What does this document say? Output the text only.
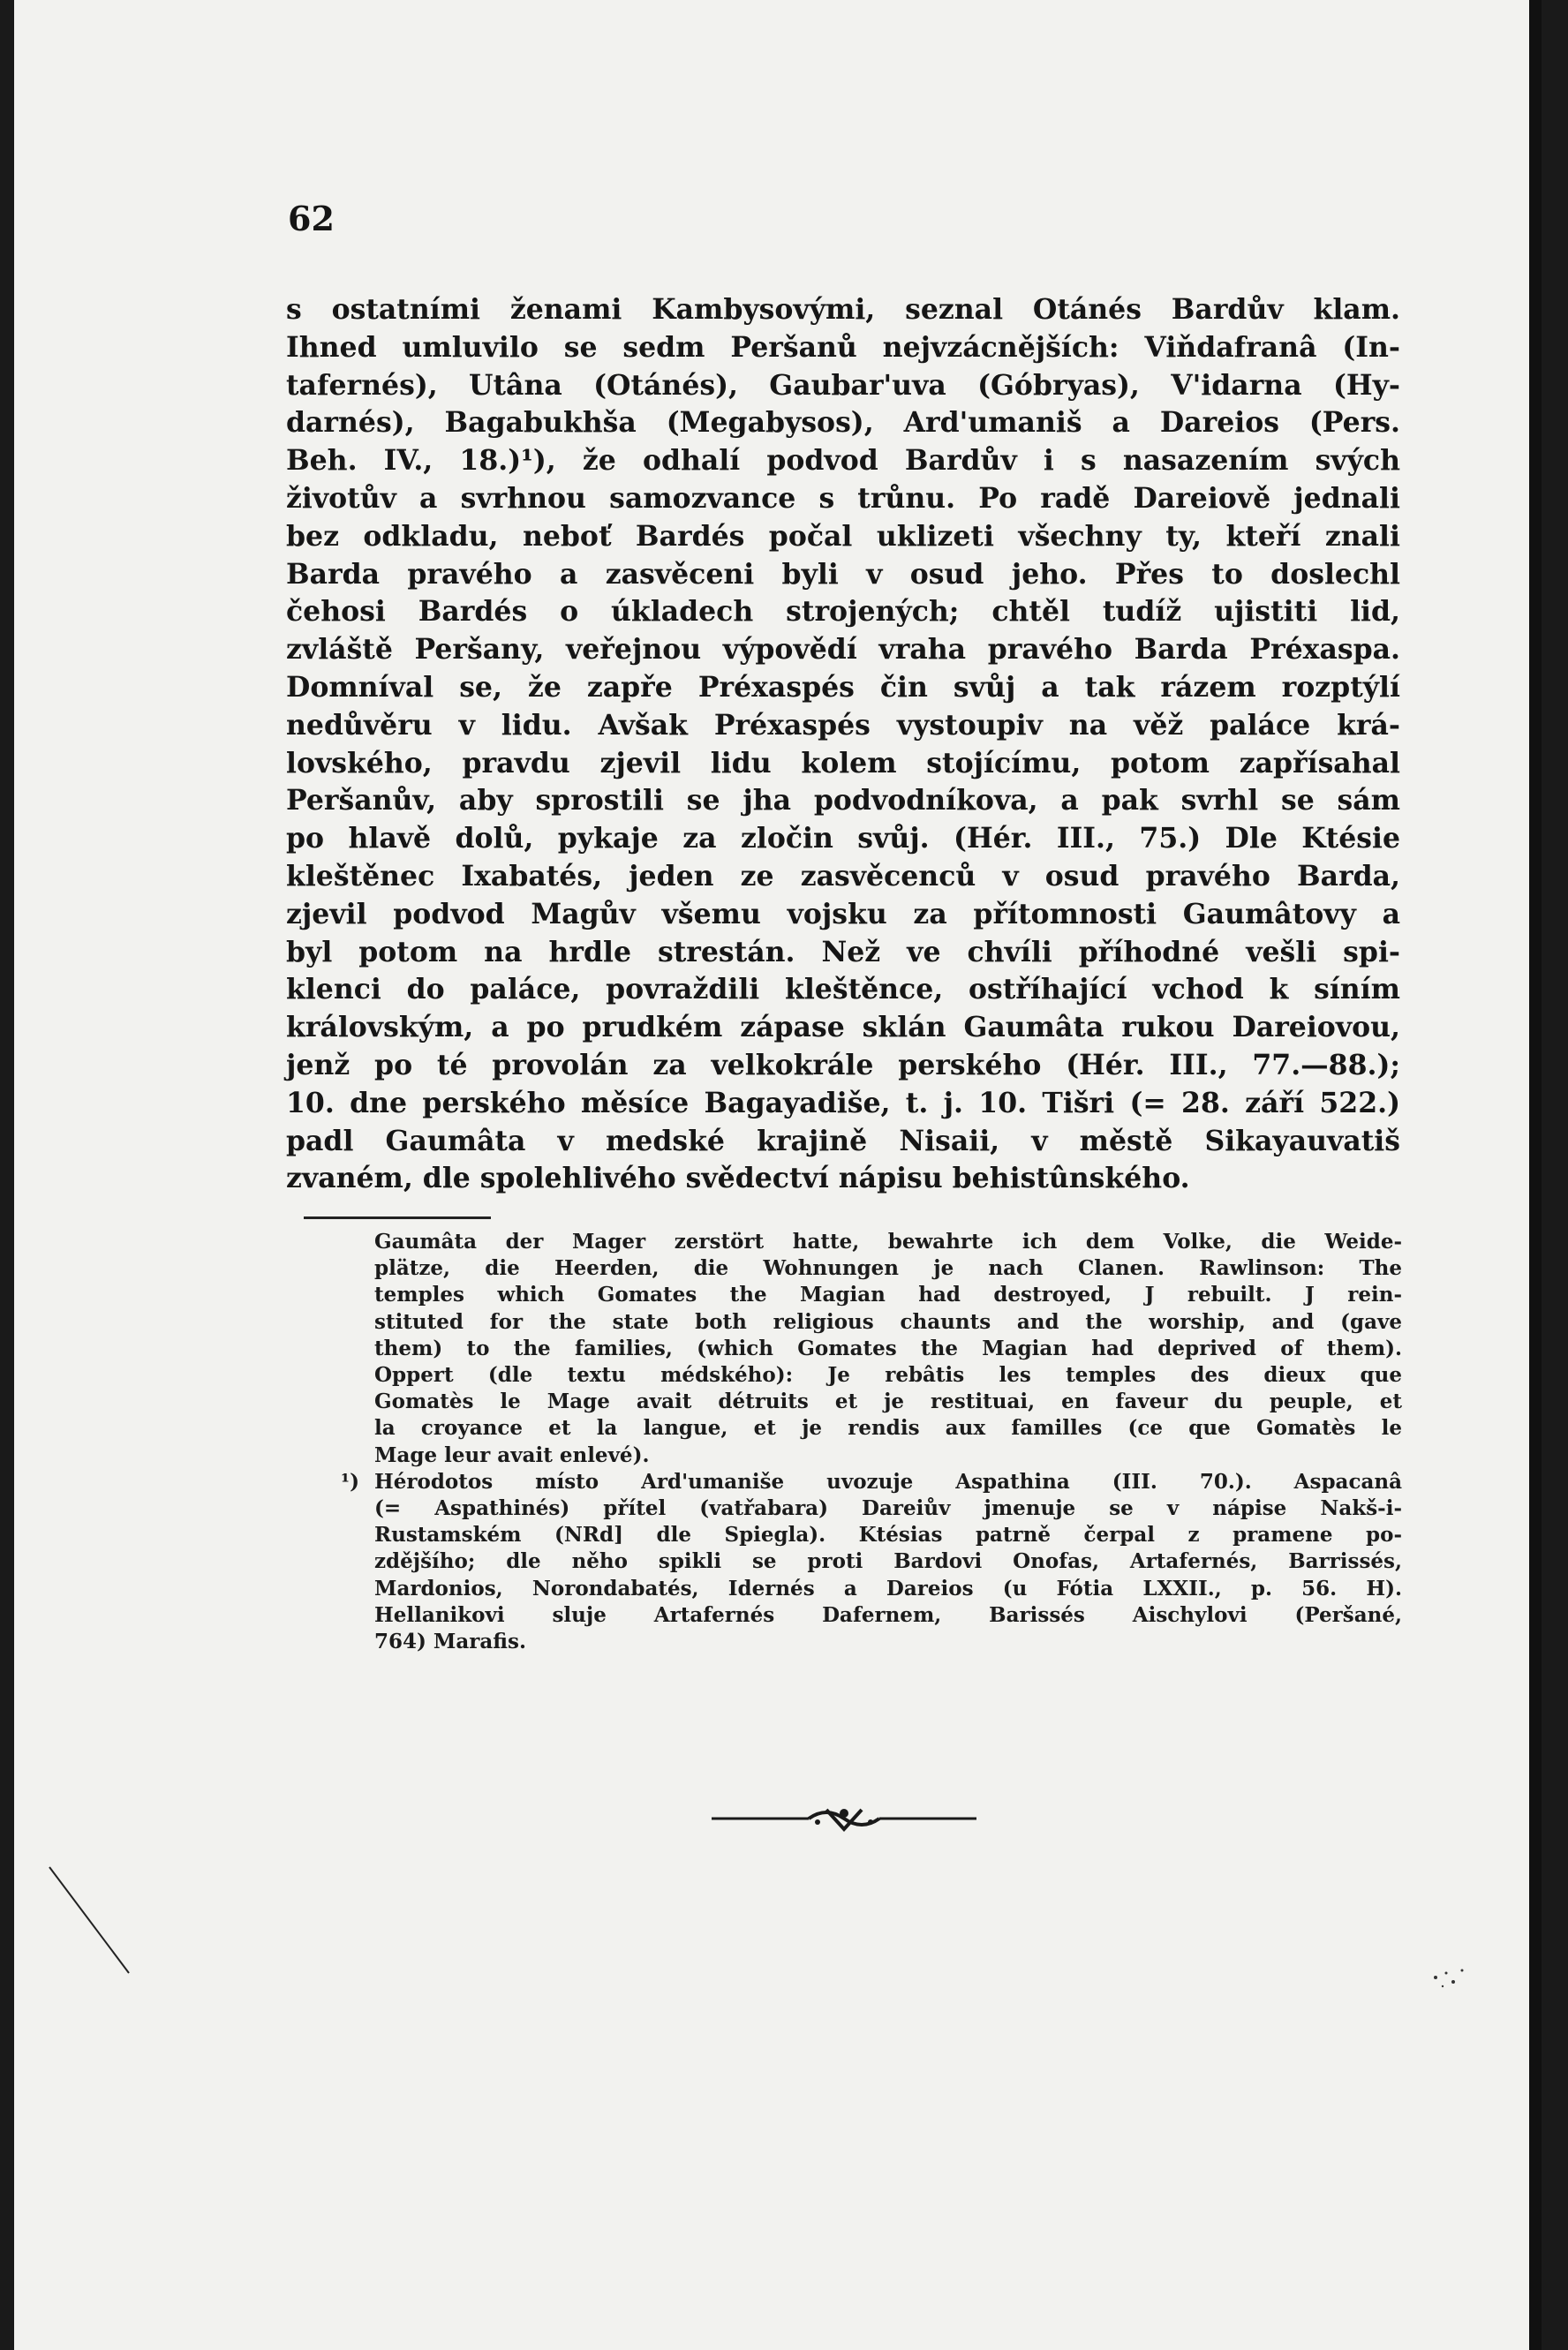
62
s ostatními ženami Kambysovými, seznal Otánés Bardův klam.
Ihned umluvilo se sedm Peršanů nejvzácnějších: Viňdafranâ (In-
tafernés), Utâna (Otánés), Gaubar'uva (Góbryas), V'idarna (Hy-
darnés), Bagabukhša (Megabysos), Ard'umaniš a Dareios (Pers.
Beh. IV., 18.)¹), že odhalí podvod Bardův i s nasazením svých
životův a svrhnou samozvance s trůnu. Po radě Dareiově jednali
bez odkladu, neboť Bardés počal uklizeti všechny ty, kteří znali
Barda pravého a zasvěceni byli v osud jeho. Přes to doslechl
čehosi Bardés o úkladech strojených; chtěl tudíž ujistiti lid,
zvláště Peršany, veřejnou výpovědí vraha pravého Barda Préxaspa.
Domníval se, že zapře Préxaspés čin svůj a tak rázem rozptýlí
nedůvěru v lidu. Avšak Préxaspés vystoupiv na věž paláce krá-
lovského, pravdu zjevil lidu kolem stojícímu, potom zapřísahal
Peršanův, aby sprostili se jha podvodníkova, a pak svrhl se sám
po hlavě dolů, pykaje za zločin svůj. (Hér. III., 75.) Dle Ktésie
kleštěnec Ixabatés, jeden ze zasvěcenců v osud pravého Barda,
zjevil podvod Magův všemu vojsku za přítomnosti Gaumâtovy a
byl potom na hrdle strestán. Než ve chvíli příhodné vešli spi-
klenci do paláce, povraždili kleštěnce, ostříhající vchod k síním
královským, a po prudkém zápase sklán Gaumâta rukou Dareiovou,
jenž po té provolán za velkokrále perského (Hér. III., 77.—88.);
10. dne perského měsíce Bagayadiše, t. j. 10. Tišri (= 28. září 522.)
padl Gaumâta v medské krajině Nisaii, v městě Sikayauvatiš
zvaném, dle spolehlivého svědectví nápisu behistûnského.
Gaumâta der Mager zerstört hatte, bewahrte ich dem Volke, die Weide-
plätze, die Heerden, die Wohnungen je nach Clanen. Rawlinson: The
temples which Gomates the Magian had destroyed, J rebuilt. J rein-
stituted for the state both religious chaunts and the worship, and (gave
them) to the families, (which Gomates the Magian had deprived of them).
Oppert (dle textu médského): Je rebâtis les temples des dieux que
Gomatès le Mage avait détruits et je restituai, en faveur du peuple, et
la croyance et la langue, et je rendis aux familles (ce que Gomatès le
Mage leur avait enlevé).
¹) Hérodotos místo Ard'umaniše uvozuje Aspathina (III. 70.). Aspacanâ
(= Aspathinés) přítel (vatřabara) Dareiův jmenuje se v nápise Nakš-i-
Rustamském (NRd] dle Spiegla). Ktésias patrně čerpal z pramene po-
zdějšího; dle něho spikli se proti Bardovi Onofas, Artafernés, Barrissés,
Mardonios, Norondabatés, Idernés a Dareios (u Fótia LXXII., p. 56. H).
Hellanikovi sluje Artafernés Dafernem, Barissés Aischylovi (Peršané,
764) Marafis.
